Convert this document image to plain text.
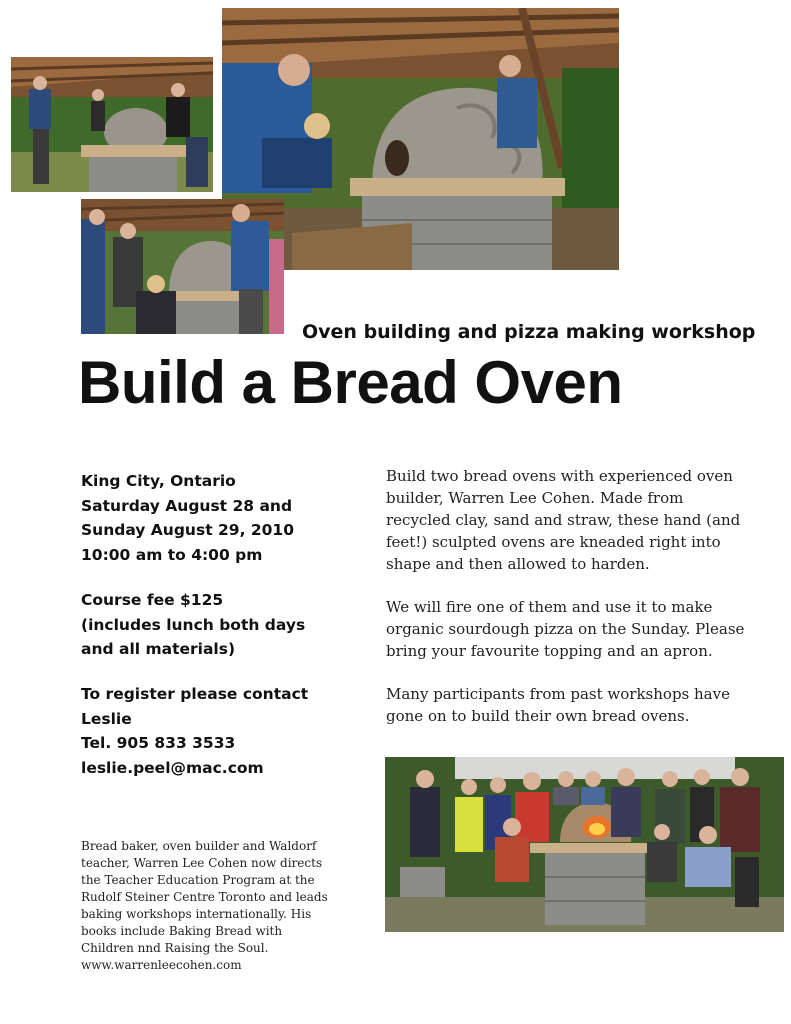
Oven building and pizza making workshop
Build a Bread Oven
King City, Ontario
Saturday August 28 and
Sunday August 29, 2010
10:00 am to 4:00 pm
Course fee $125
(includes lunch both days
and all materials)
To register please contact
Leslie
Tel. 905 833 3533
leslie.peel@mac.com

Build two bread ovens with experienced oven builder, Warren Lee Cohen. Made from recycled clay, sand and straw, these hand (and feet!) sculpted ovens are kneaded right into shape and then allowed to harden.

We will fire one of them and use it to make organic sourdough pizza on the Sunday. Please bring your favourite topping and an apron.

Many participants from past workshops have gone on to build their own bread ovens.

Bread baker, oven builder and Waldorf teacher, Warren Lee Cohen now directs the Teacher Education Program at the Rudolf Steiner Centre Toronto and leads baking workshops internationally. His books include Baking Bread with Children nnd Raising the Soul.
www.warrenleecohen.com
